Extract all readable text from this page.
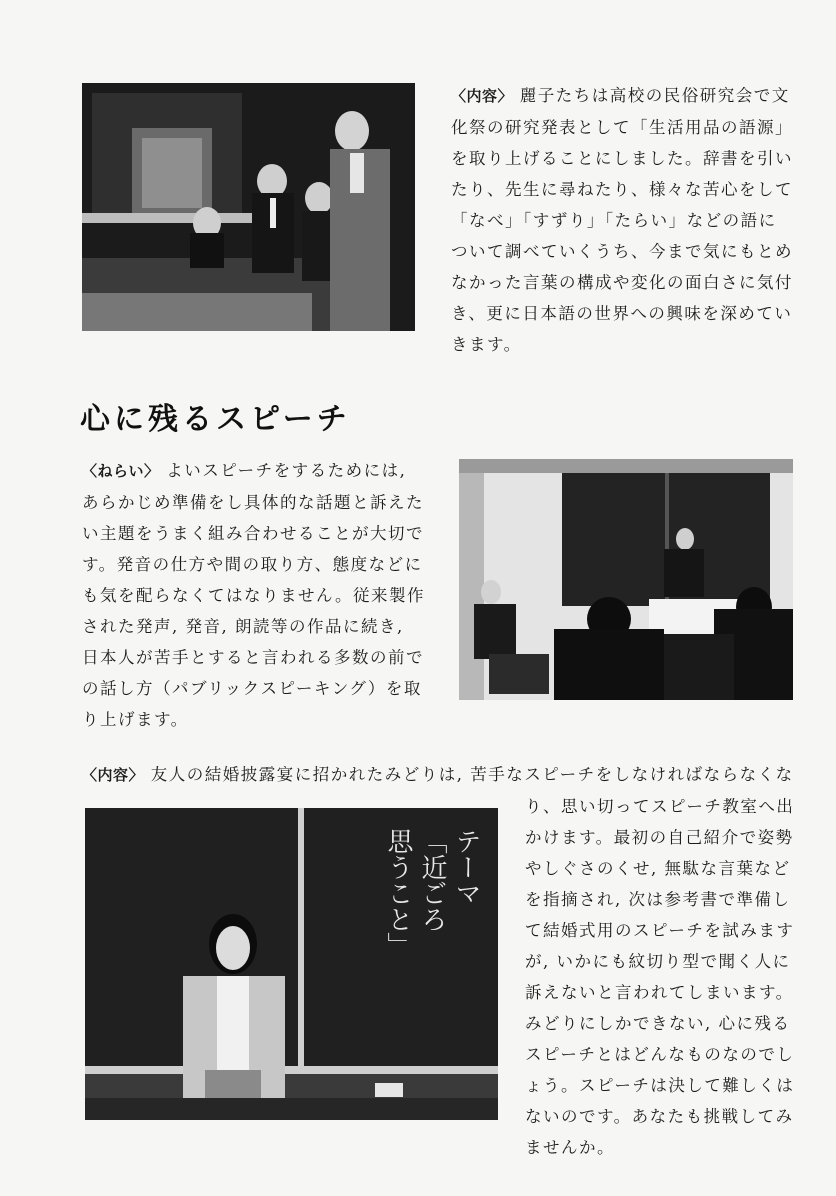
〈内容〉 麗子たちは高校の民俗研究会で文
化祭の研究発表として「生活用品の語源」
を取り上げることにしました。辞書を引い
たり、先生に尋ねたり、様々な苦心をして
「なべ」「すずり」「たらい」などの語に
ついて調べていくうち、今まで気にもとめ
なかった言葉の構成や変化の面白さに気付
き、更に日本語の世界への興味を深めてい
きます。
心に残るスピーチ
〈ねらい〉 よいスピーチをするためには,
あらかじめ準備をし具体的な話題と訴えた
い主題をうまく組み合わせることが大切で
す。発音の仕方や間の取り方、態度などに
も気を配らなくてはなりません。従来製作
された発声, 発音, 朗読等の作品に続き,
日本人が苦手とすると言われる多数の前で
の話し方（パブリックスピーキング）を取
り上げます。
〈内容〉 友人の結婚披露宴に招かれたみどりは, 苦手なスピーチをしなければならなくな
テーマ
「近ごろ
思うこと」
り、思い切ってスピーチ教室へ出
かけます。最初の自己紹介で姿勢
やしぐさのくせ, 無駄な言葉など
を指摘され, 次は参考書で準備し
て結婚式用のスピーチを試みます
が, いかにも紋切り型で聞く人に
訴えないと言われてしまいます。
みどりにしかできない, 心に残る
スピーチとはどんなものなのでし
ょう。スピーチは決して難しくは
ないのです。あなたも挑戦してみ
ませんか。
